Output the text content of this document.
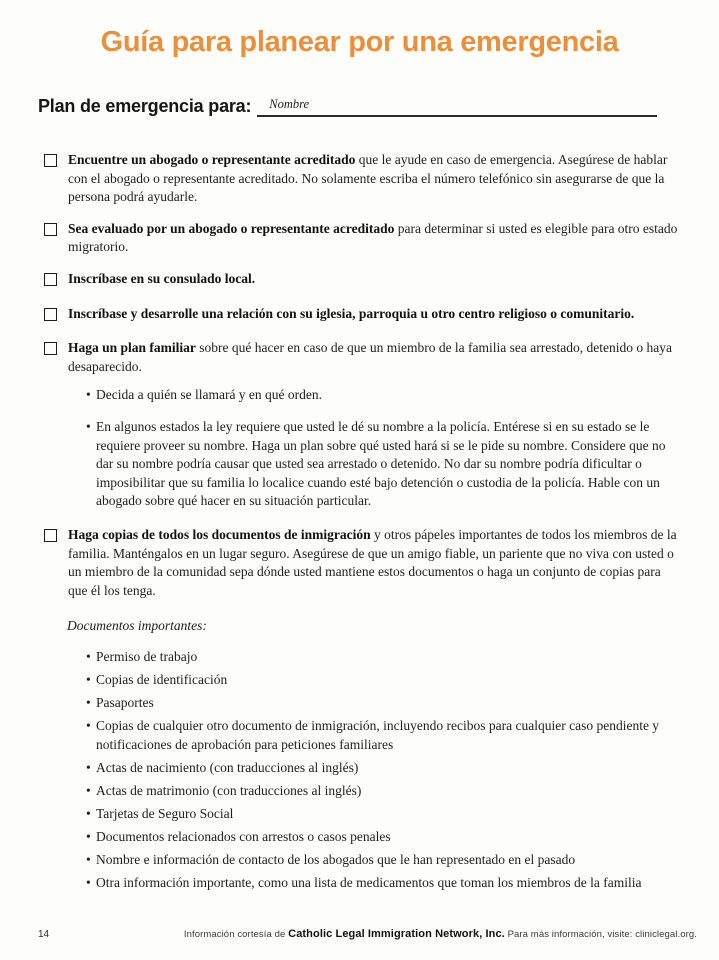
Guía para planear por una emergencia
Plan de emergencia para: Nombre

Encuentre un abogado o representante acreditado que le ayude en caso de emergencia. Asegúrese de hablar con el abogado o representante acreditado. No solamente escriba el número telefónico sin asegurarse de que la persona podrá ayudarle.

Sea evaluado por un abogado o representante acreditado para determinar si usted es elegible para otro estado migratorio.

Inscríbase en su consulado local.

Inscríbase y desarrolle una relación con su iglesia, parroquia u otro centro religioso o comunitario.

Haga un plan familiar sobre qué hacer en caso de que un miembro de la familia sea arrestado, detenido o haya desaparecido.

• Decida a quién se llamará y en qué orden.

• En algunos estados la ley requiere que usted le dé su nombre a la policía. Entérese si en su estado se le requiere proveer su nombre. Haga un plan sobre qué usted hará si se le pide su nombre. Considere que no dar su nombre podría causar que usted sea arrestado o detenido. No dar su nombre podría dificultar o imposibilitar que su familia lo localice cuando esté bajo detención o custodia de la policía. Hable con un abogado sobre qué hacer en su situación particular.

Haga copias de todos los documentos de inmigración y otros pápeles importantes de todos los miembros de la familia. Manténgalos en un lugar seguro. Asegúrese de que un amigo fiable, un pariente que no viva con usted o un miembro de la comunidad sepa dónde usted mantiene estos documentos o haga un conjunto de copias para que él los tenga.

Documentos importantes:
• Permiso de trabajo

• Copias de identificación

• Pasaportes

• Copias de cualquier otro documento de inmigración, incluyendo recibos para cualquier caso pendiente y notificaciones de aprobación para peticiones familiares

• Actas de nacimiento (con traducciones al inglés)

• Actas de matrimonio (con traducciones al inglés)

• Tarjetas de Seguro Social

• Documentos relacionados con arrestos o casos penales

• Nombre e información de contacto de los abogados que le han representado en el pasado

• Otra información importante, como una lista de medicamentos que toman los miembros de la familia

14	Información cortesía de Catholic Legal Immigration Network, Inc. Para más información, visite: cliniclegal.org.
